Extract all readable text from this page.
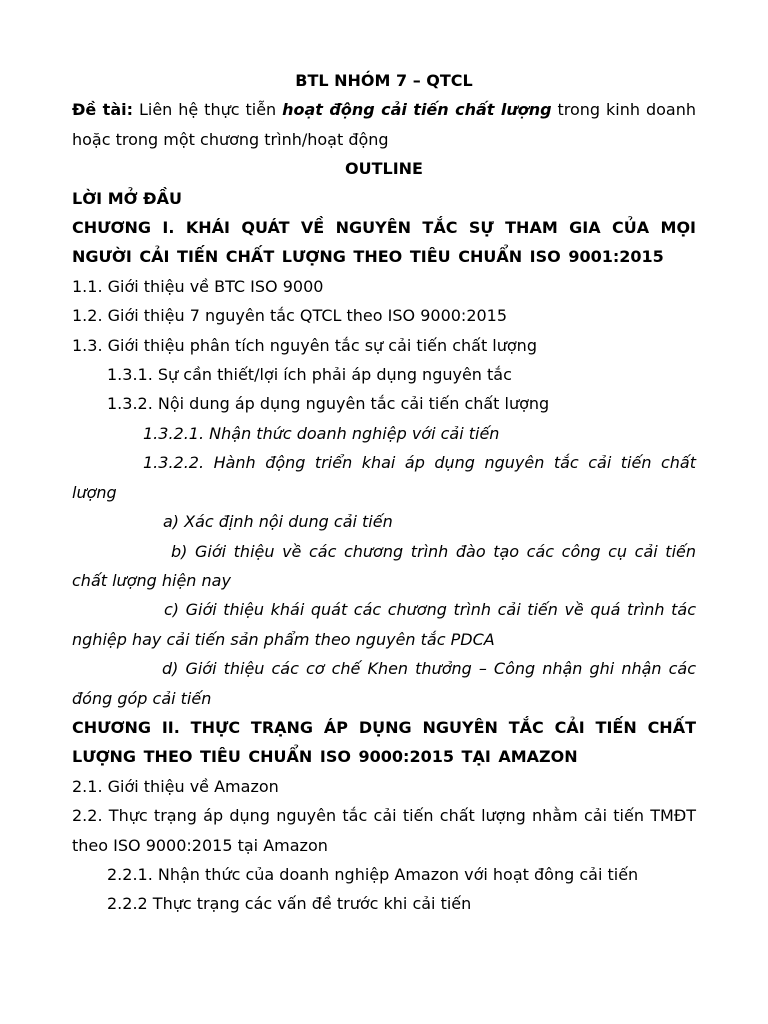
BTL NHÓM 7 – QTCL
Đề tài: Liên hệ thực tiễn hoạt động cải tiến chất lượng trong kinh doanh hoặc trong một chương trình/hoạt động
OUTLINE
LỜI MỞ ĐẦU
CHƯƠNG I. KHÁI QUÁT VỀ NGUYÊN TẮC SỰ THAM GIA CỦA MỌI NGƯỜI CẢI TIẾN CHẤT LƯỢNG THEO TIÊU CHUẨN ISO 9001:2015
1.1. Giới thiệu về BTC ISO 9000
1.2. Giới thiệu 7 nguyên tắc QTCL theo ISO 9000:2015
1.3. Giới thiệu phân tích nguyên tắc sự cải tiến chất lượng
1.3.1. Sự cần thiết/lợi ích phải áp dụng nguyên tắc
1.3.2. Nội dung áp dụng nguyên tắc cải tiến chất lượng
1.3.2.1. Nhận thức doanh nghiệp với cải tiến
1.3.2.2. Hành động triển khai áp dụng nguyên tắc cải tiến chất lượng
a) Xác định nội dung cải tiến
b) Giới thiệu về các chương trình đào tạo các công cụ cải tiến chất lượng hiện nay
c) Giới thiệu khái quát các chương trình cải tiến về quá trình tác nghiệp hay cải tiến sản phẩm theo nguyên tắc PDCA
d) Giới thiệu các cơ chế Khen thưởng – Công nhận ghi nhận các đóng góp cải tiến
CHƯƠNG II. THỰC TRẠNG ÁP DỤNG NGUYÊN TẮC CẢI TIẾN CHẤT LƯỢNG THEO TIÊU CHUẨN ISO 9000:2015 TẠI AMAZON
2.1. Giới thiệu về Amazon
2.2. Thực trạng áp dụng nguyên tắc cải tiến chất lượng nhằm cải tiến TMĐT theo ISO 9000:2015 tại Amazon
2.2.1. Nhận thức của doanh nghiệp Amazon với hoạt đông cải tiến
2.2.2 Thực trạng các vấn đề trước khi cải tiến
